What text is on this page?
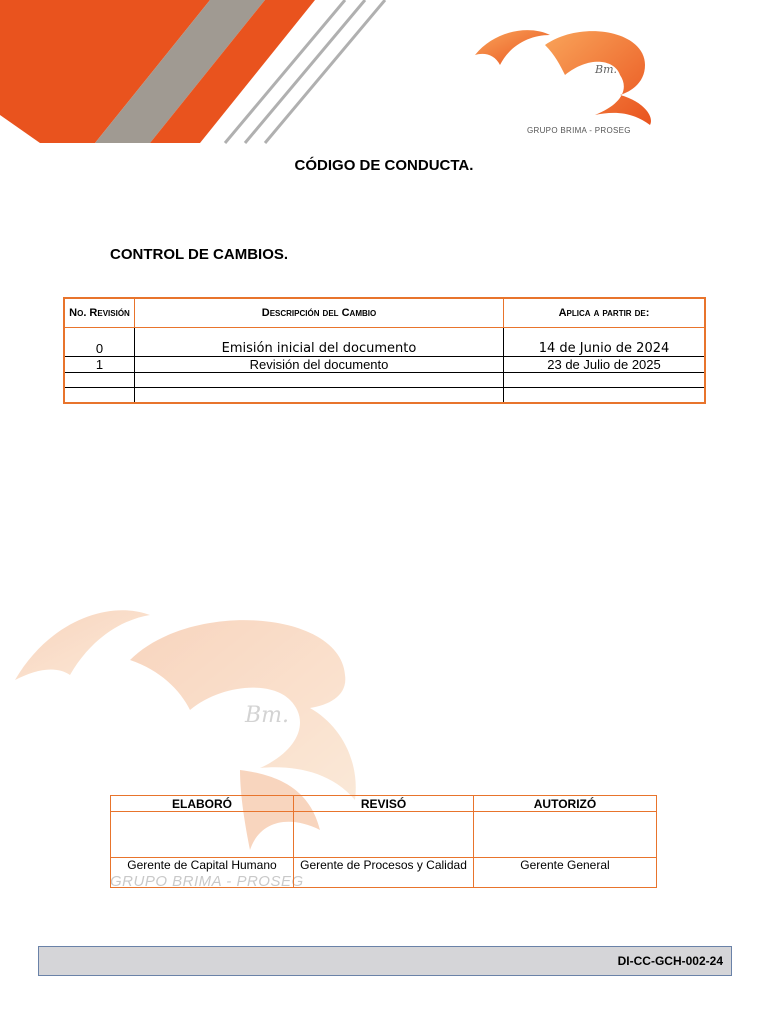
Bm.
GRUPO BRIMA - PROSEG
CÓDIGO DE CONDUCTA.
CONTROL DE CAMBIOS.
No. Revisión	Descripción del Cambio	Aplica a partir de:
0	Emisión inicial del documento	14 de Junio de 2024
1	Revisión del documento	23 de Julio de 2025

Bm.
GRUPO BRIMA - PROSEG
ELABORÓ	REVISÓ	AUTORIZÓ

Gerente de Capital Humano	Gerente de Procesos y Calidad	Gerente General
DI-CC-GCH-002-24
